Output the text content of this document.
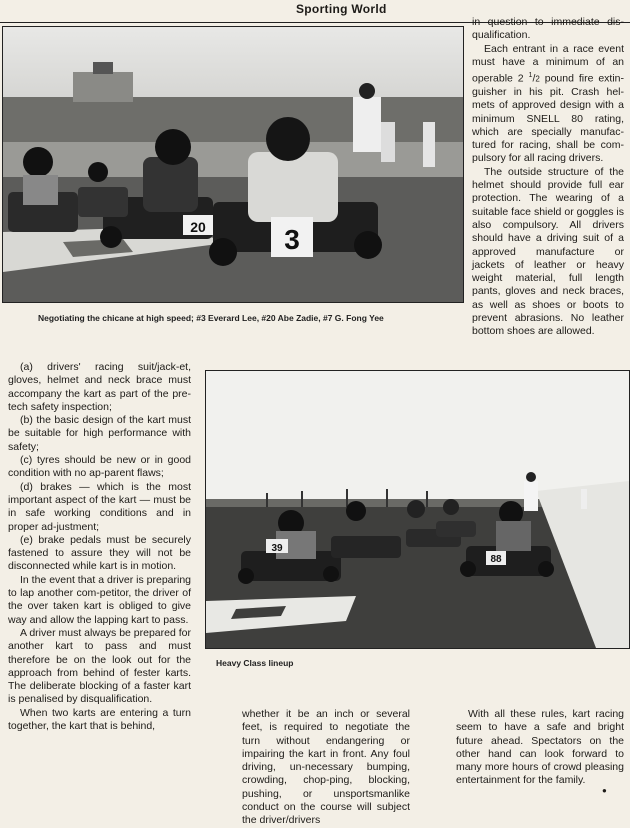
Sporting World
3
20
Negotiating the chicane at high speed; #3 Everard Lee, #20 Abe Zadie, #7 G. Fong Yee

in question to immediate dis-qualification.

Each entrant in a race event must have a minimum of an operable 2 $^1$/2 pound fire extin-guisher in his pit. Crash hel-mets of approved design with a minimum SNELL 80 rating, which are specially manufac-tured for racing, shall be com-pulsory for all racing drivers.

The outside structure of the helmet should provide full ear protection. The wearing of a suitable face shield or goggles is also compulsory. All drivers should have a driving suit of a approved manufacture or jackets of leather or heavy weight material, full length pants, gloves and neck braces, as well as shoes or boots to prevent abrasions. No leather bottom shoes are allowed.

39
88
Heavy Class lineup

(a) drivers' racing suit/jack-et, gloves, helmet and neck brace must accompany the kart as part of the pre-tech safety inspection;

(b) the basic design of the kart must be suitable for high performance with safety;

(c) tyres should be new or in good condition with no ap-parent flaws;

(d) brakes — which is the most important aspect of the kart — must be in safe working conditions and in proper ad-justment;

(e) brake pedals must be securely fastened to assure they will not be disconnected while kart is in motion.

In the event that a driver is preparing to lap another com-petitor, the driver of the over taken kart is obliged to give way and allow the lapping kart to pass.

A driver must always be prepared for another kart to pass and must therefore be on the look out for the approach from behind of fester karts. The deliberate blocking of a faster kart is penalised by disqualification.

When two karts are entering a turn together, the kart that is behind,

whether it be an inch or several feet, is required to negotiate the turn without endangering or impairing the kart in front. Any foul driving, un-necessary bumping, crowding, chop-ping, blocking, pushing, or unsportsmanlike conduct on the course will subject the driver/drivers

With all these rules, kart racing seem to have a safe and bright future ahead. Spectators on the other hand can look forward to many more hours of crowd pleasing entertainment for the family.

●
